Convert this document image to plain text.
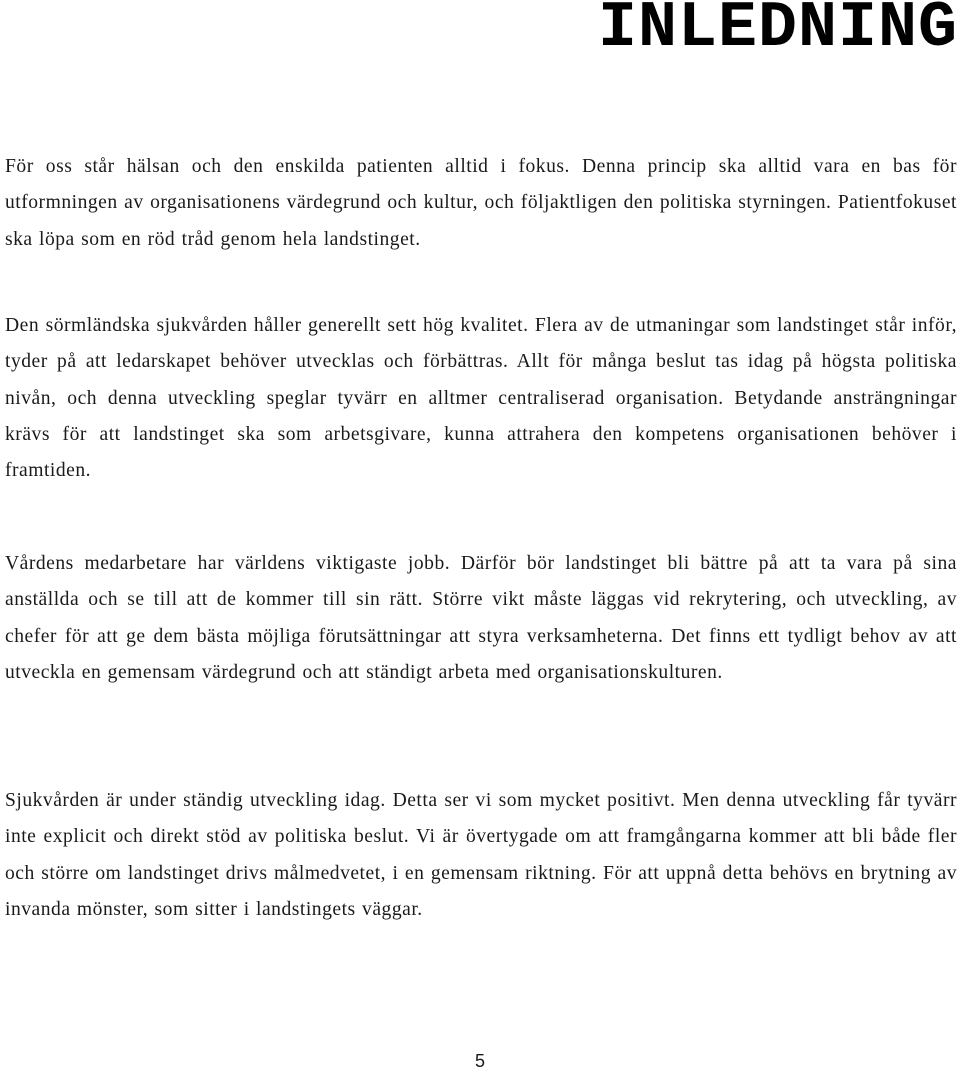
INLEDNING

För oss står hälsan och den enskilda patienten alltid i fokus. Denna princip ska alltid vara en bas för utformningen av organisationens värdegrund och kultur, och följaktligen den politiska styrningen. Patientfokuset ska löpa som en röd tråd genom hela landstinget.

Den sörmländska sjukvården håller generellt sett hög kvalitet. Flera av de utmaningar som landstinget står inför, tyder på att ledarskapet behöver utvecklas och förbättras. Allt för många beslut tas idag på högsta politiska nivån, och denna utveckling speglar tyvärr en alltmer centraliserad organisation. Betydande ansträngningar krävs för att landstinget ska som arbetsgivare, kunna attrahera den kompetens organisationen behöver i framtiden.

Vårdens medarbetare har världens viktigaste jobb. Därför bör landstinget bli bättre på att ta vara på sina anställda och se till att de kommer till sin rätt. Större vikt måste läggas vid rekrytering, och utveckling, av chefer för att ge dem bästa möjliga förutsättningar att styra verksamheterna. Det finns ett tydligt behov av att utveckla en gemensam värdegrund och att ständigt arbeta med organisationskulturen.

Sjukvården är under ständig utveckling idag. Detta ser vi som mycket positivt. Men denna utveckling får tyvärr inte explicit och direkt stöd av politiska beslut. Vi är övertygade om att framgångarna kommer att bli både fler och större om landstinget drivs målmedvetet, i en gemensam riktning. För att uppnå detta behövs en brytning av invanda mönster, som sitter i landstingets väggar.

5
